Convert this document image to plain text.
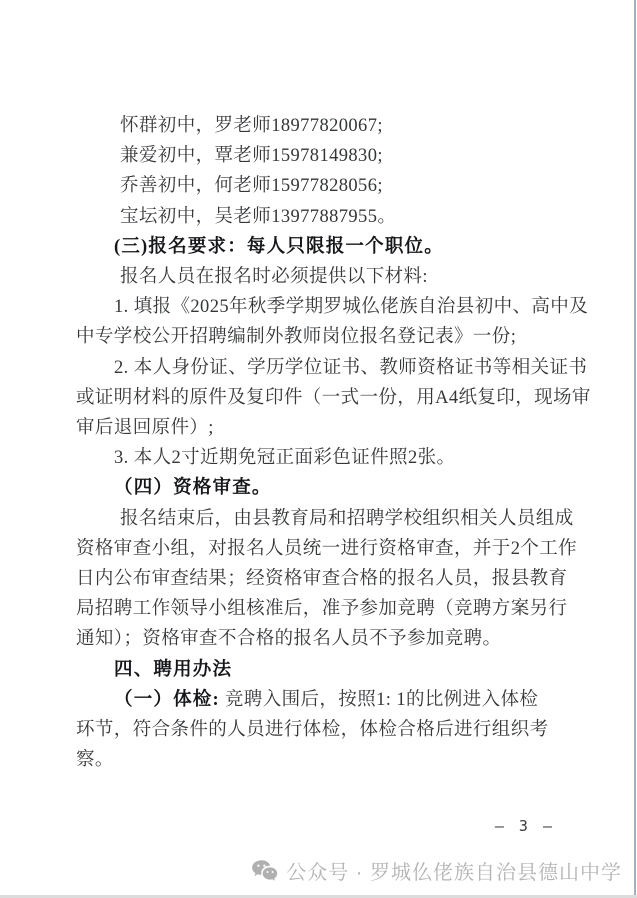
怀群初中，罗老师18977820067;
兼爱初中，覃老师15978149830;
乔善初中，何老师15977828056;
宝坛初中，吴老师13977887955。
(三)报名要求：每人只限报一个职位。
报名人员在报名时必须提供以下材料:
1. 填报《2025年秋季学期罗城仫佬族自治县初中、高中及
中专学校公开招聘编制外教师岗位报名登记表》一份;
2. 本人身份证、学历学位证书、教师资格证书等相关证书
或证明材料的原件及复印件（一式一份，用A4纸复印，现场审
审后退回原件）;
3. 本人2寸近期免冠正面彩色证件照2张。
（四）资格审查。
报名结束后，由县教育局和招聘学校组织相关人员组成
资格审查小组，对报名人员统一进行资格审查，并于2个工作
日内公布审查结果；经资格审查合格的报名人员，报县教育
局招聘工作领导小组核准后，准予参加竞聘（竞聘方案另行
通知）；资格审查不合格的报名人员不予参加竞聘。
四、聘用办法
（一）体检: 竞聘入围后，按照1: 1的比例进入体检
环节，符合条件的人员进行体检，体检合格后进行组织考
察。
— 3 —
公众号 · 罗城仫佬族自治县德山中学
